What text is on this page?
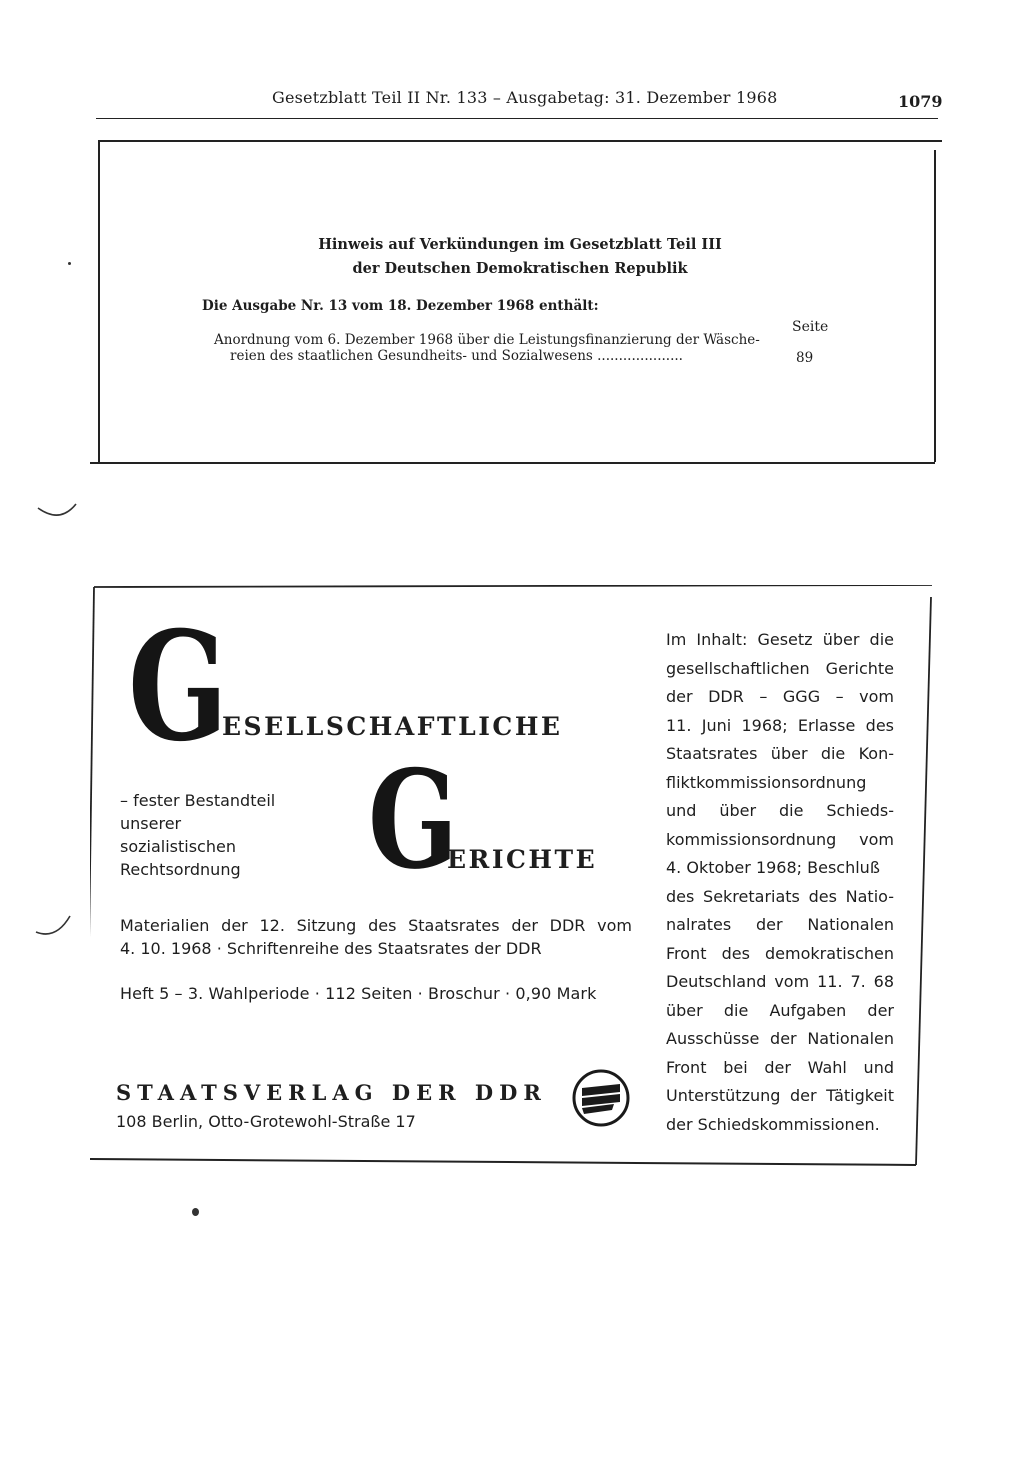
Gesetzblatt Teil II Nr. 133 – Ausgabetag: 31. Dezember 1968	1079
Hinweis auf Verkündungen im Gesetzblatt Teil III
der Deutschen Demokratischen Republik
Die Ausgabe Nr. 13 vom 18. Dezember 1968 enthält:
Seite
Anordnung vom 6. Dezember 1968 über die Leistungsfinanzierung der Wäsche-
reien des staatlichen Gesundheits- und Sozialwesens ....................	89
G
ESELLSCHAFTLICHE
G
ERICHTE
– fester Bestandteil
unserer
sozialistischen
Rechtsordnung
Materialien der 12. Sitzung des Staatsrates der DDR vom
4. 10. 1968 · Schriftenreihe des Staatsrates der DDR
Heft 5 – 3. Wahlperiode · 112 Seiten · Broschur · 0,90 Mark
STAATSVERLAG DER DDR
108 Berlin, Otto-Grotewohl-Straße 17
Im Inhalt: Gesetz über die
gesellschaftlichen Gerichte
der DDR – GGG – vom
11. Juni 1968; Erlasse des
Staatsrates über die Kon-
fliktkommissionsordnung
und über die Schieds-
kommissionsordnung vom
4. Oktober 1968; Beschluß
des Sekretariats des Natio-
nalrates der Nationalen
Front des demokratischen
Deutschland vom 11. 7. 68
über die Aufgaben der
Ausschüsse der Nationalen
Front bei der Wahl und
Unterstützung der Tätigkeit
der Schiedskommissionen.
